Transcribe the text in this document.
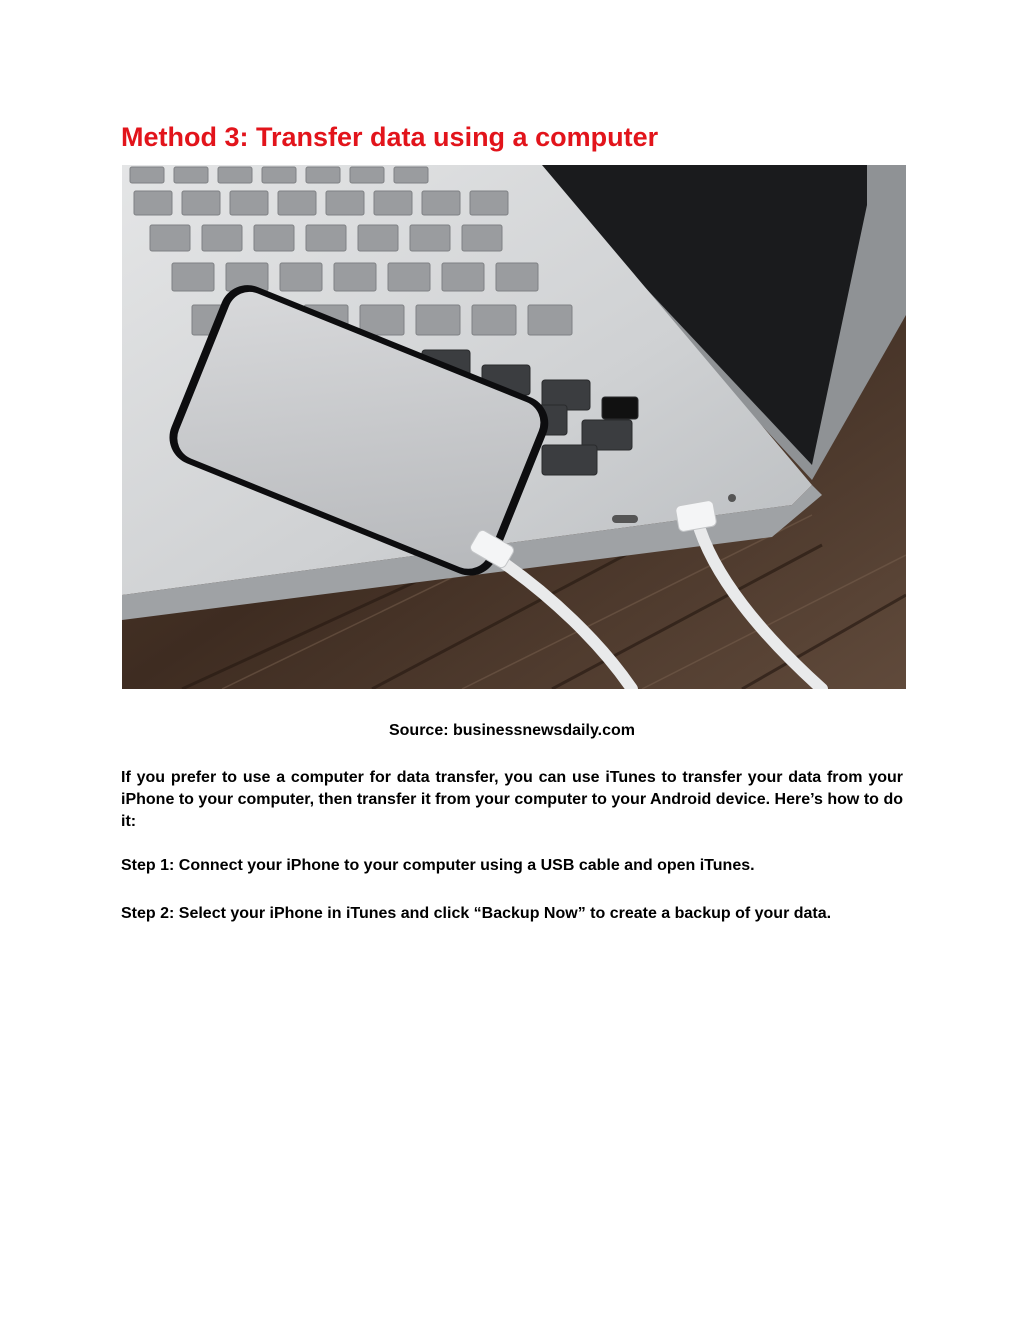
Method 3: Transfer data using a computer

Source: businessnewsdaily.com

If you prefer to use a computer for data transfer, you can use iTunes to transfer your data from your iPhone to your computer, then transfer it from your computer to your Android device. Here’s how to do it:

Step 1: Connect your iPhone to your computer using a USB cable and open iTunes.

Step 2: Select your iPhone in iTunes and click “Backup Now” to create a backup of your data.
